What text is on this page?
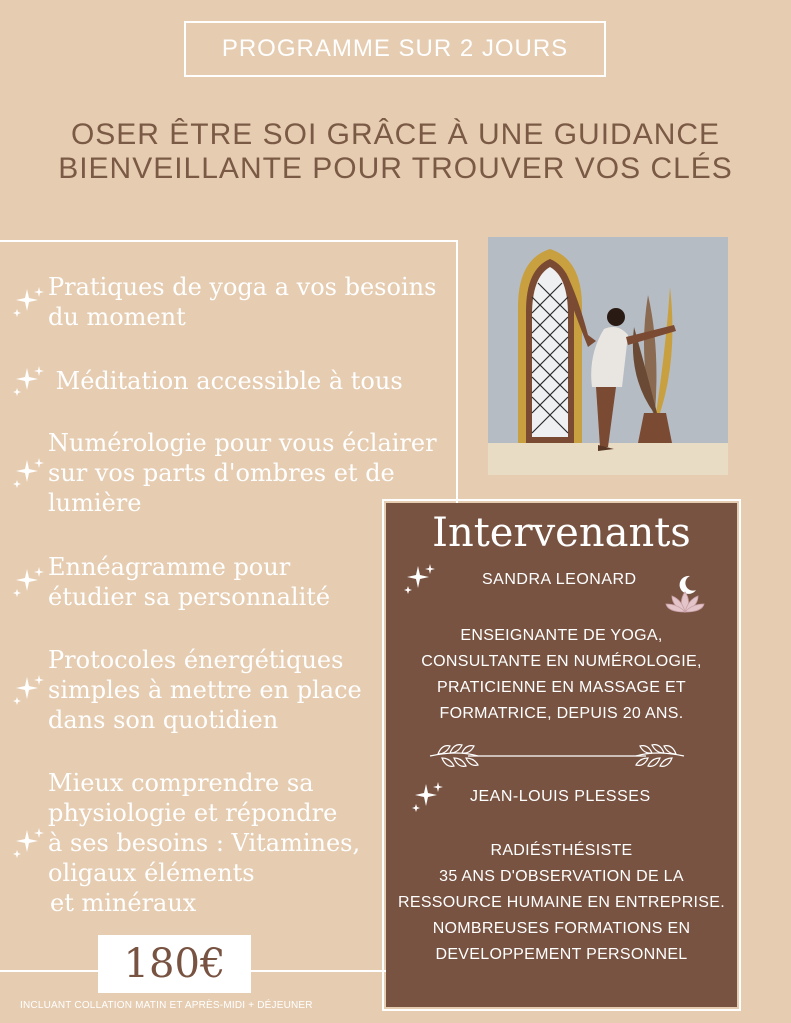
PROGRAMME SUR 2 JOURS
OSER ÊTRE SOI GRÂCE À UNE GUIDANCE
BIENVEILLANTE POUR TROUVER VOS CLÉS
Pratiques de yoga a vos besoins
du moment
Méditation accessible à tous
Numérologie pour vous éclairer
sur vos parts d'ombres et de
lumière
Ennéagramme pour
étudier sa personnalité
Protocoles énergétiques
simples à mettre en place
dans son quotidien
Mieux comprendre sa
physiologie et répondre
à ses besoins : Vitamines,
oligaux éléments
et minéraux
Intervenants
SANDRA LEONARD
ENSEIGNANTE DE YOGA,
CONSULTANTE EN NUMÉROLOGIE,
PRATICIENNE EN MASSAGE ET
FORMATRICE, DEPUIS 20 ANS.
JEAN-LOUIS PLESSES
RADIÉSTHÉSISTE
35 ANS D'OBSERVATION DE LA
RESSOURCE HUMAINE EN ENTREPRISE.
NOMBREUSES FORMATIONS EN
DEVELOPPEMENT PERSONNEL
180€
INCLUANT COLLATION MATIN ET APRÈS-MIDI + DÉJEUNER
